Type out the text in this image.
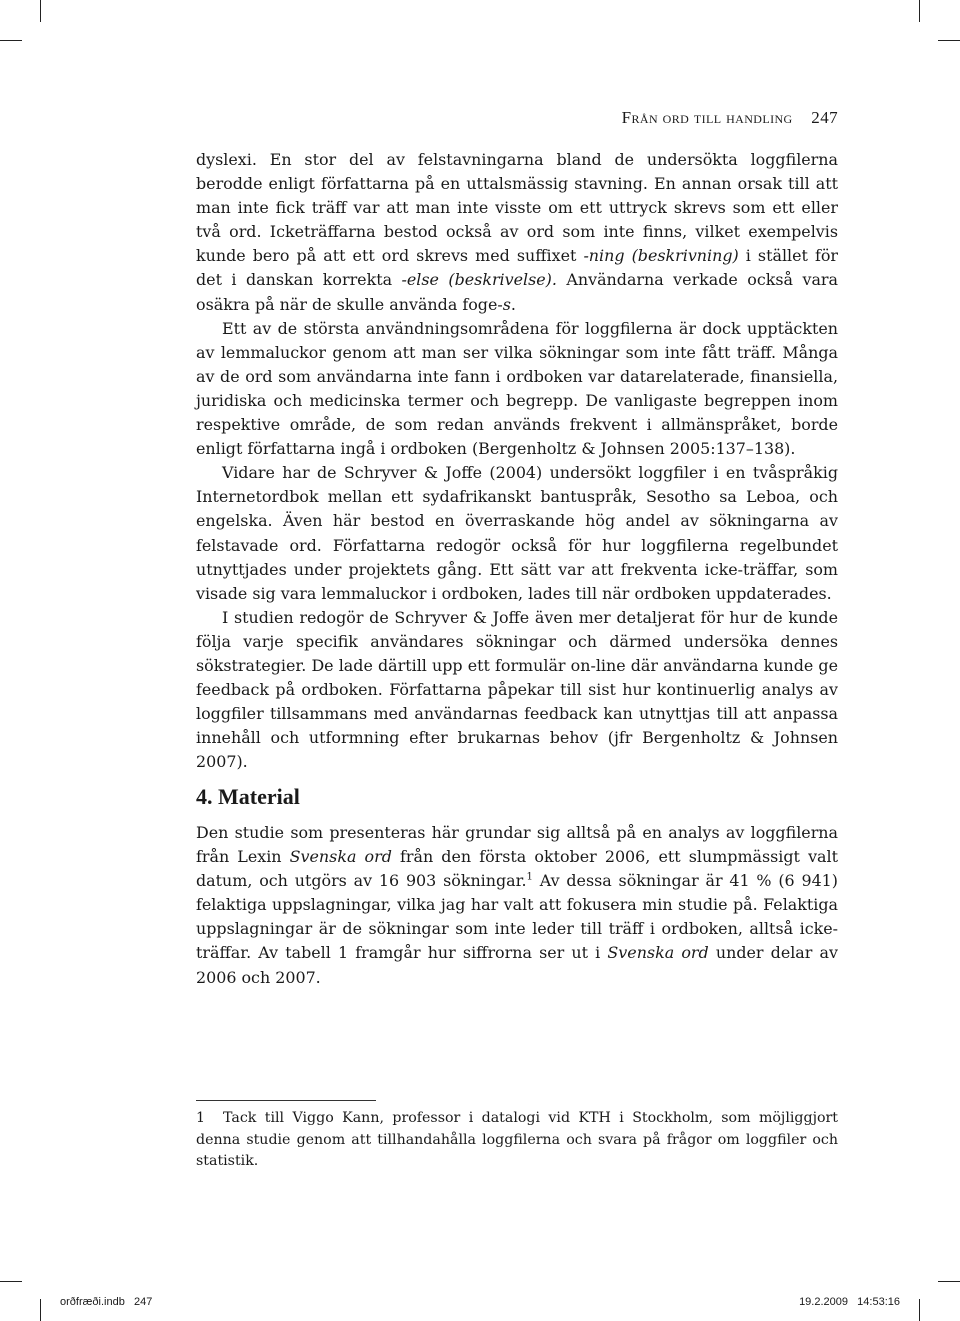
Från ord till handling 247

dyslexi. En stor del av felstavningarna bland de undersökta loggfilerna berodde enligt författarna på en uttalsmässig stavning. En annan orsak till att man inte fick träff var att man inte visste om ett uttryck skrevs som ett eller två ord. Icketräffarna bestod också av ord som inte finns, vilket exempelvis kunde bero på att ett ord skrevs med suffixet -ning (beskrivning) i stället för det i danskan korrekta -else (beskrivelse). Användarna verkade också vara osäkra på när de skulle använda foge-s.

Ett av de största användningsområdena för loggfilerna är dock upptäckten av lemmaluckor genom att man ser vilka sökningar som inte fått träff. Många av de ord som användarna inte fann i ordboken var datarelaterade, finansiella, juridiska och medicinska termer och begrepp. De vanligaste begreppen inom respektive område, de som redan används frekvent i allmänspråket, borde enligt författarna ingå i ordboken (Bergenholtz & Johnsen 2005:137–138).

Vidare har de Schryver & Joffe (2004) undersökt loggfiler i en tvåspråkig Internetordbok mellan ett sydafrikanskt bantuspråk, Sesotho sa Leboa, och engelska. Även här bestod en överraskande hög andel av sökningarna av felstavade ord. Författarna redogör också för hur loggfilerna regelbundet utnyttjades under projektets gång. Ett sätt var att frekventa icke-träffar, som visade sig vara lemmaluckor i ordboken, lades till när ordboken uppdaterades.

I studien redogör de Schryver & Joffe även mer detaljerat för hur de kunde följa varje specifik användares sökningar och därmed undersöka dennes sökstrategier. De lade därtill upp ett formulär on-line där användarna kunde ge feedback på ordboken. Författarna påpekar till sist hur kontinuerlig analys av loggfiler tillsammans med användarnas feedback kan utnyttjas till att anpassa innehåll och utformning efter brukarnas behov (jfr Bergenholtz & Johnsen 2007).

4. Material

Den studie som presenteras här grundar sig alltså på en analys av loggfilerna från Lexin Svenska ord från den första oktober 2006, ett slumpmässigt valt datum, och utgörs av 16 903 sökningar.$^1$ Av dessa sökningar är 41 % (6 941) felaktiga uppslagningar, vilka jag har valt att fokusera min studie på. Felaktiga uppslagningar är de sökningar som inte leder till träff i ordboken, alltså icke-träffar. Av tabell 1 framgår hur siffrorna ser ut i Svenska ord under delar av 2006 och 2007.

1 Tack till Viggo Kann, professor i datalogi vid KTH i Stockholm, som möjliggjort denna studie genom att tillhandahålla loggfilerna och svara på frågor om loggfiler och statistik.
orðfræði.indb   247	19.2.2009   14:53:16
